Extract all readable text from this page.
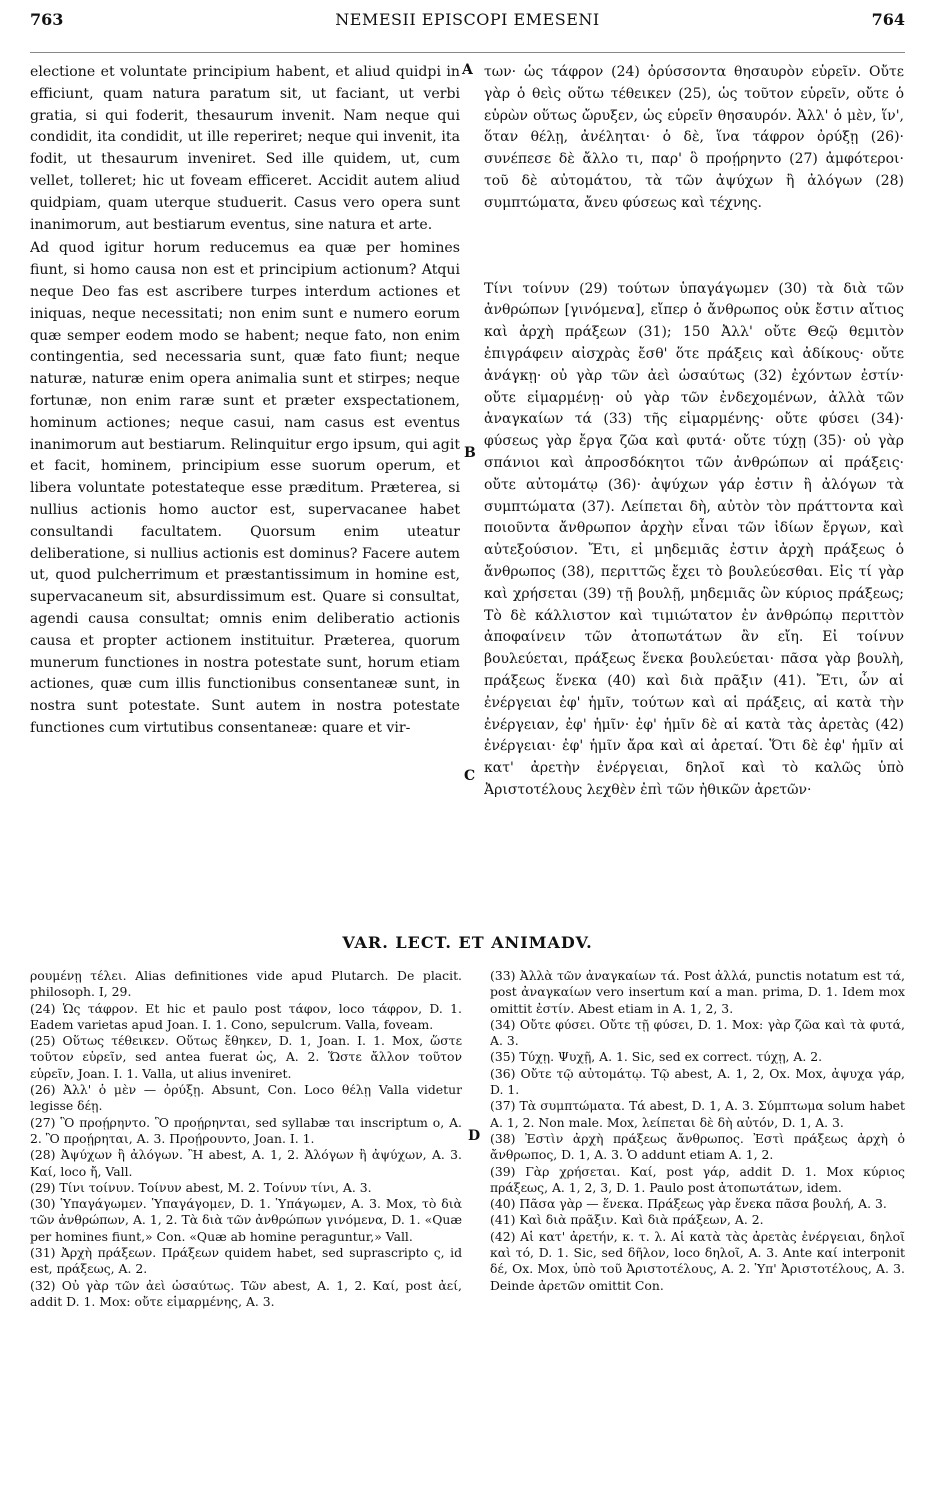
763	NEMESII EPISCOPI EMESENI	764

electione et voluntate principium habent, et aliud quidpi in efficiunt, quam natura paratum sit, ut faciant, ut verbi gratia, si qui foderit, thesaurum invenit. Nam neque qui condidit, ita condidit, ut ille reperiret; neque qui invenit, ita fodit, ut thesaurum inveniret. Sed ille quidem, ut, cum vellet, tolleret; hic ut foveam efficeret. Accidit autem aliud quidpiam, quam uterque studuerit. Casus vero opera sunt inanimorum, aut bestiarum eventus, sine natura et arte.

Ad quod igitur horum reducemus ea quæ per homines fiunt, si homo causa non est et principium actionum? Atqui neque Deo fas est ascribere turpes interdum actiones et iniquas, neque necessitati; non enim sunt e numero eorum quæ semper eodem modo se habent; neque fato, non enim contingentia, sed necessaria sunt, quæ fato fiunt; neque naturæ, naturæ enim opera animalia sunt et stirpes; neque fortunæ, non enim raræ sunt et præter exspectationem, hominum actiones; neque casui, nam casus est eventus inanimorum aut bestiarum. Relinquitur ergo ipsum, qui agit et facit, hominem, principium esse suorum operum, et libera voluntate potestateque esse præditum. Præterea, si nullius actionis homo auctor est, supervacanee habet consultandi facultatem. Quorsum enim uteatur deliberatione, si nullius actionis est dominus? Facere autem ut, quod pulcherrimum et præstantissimum in homine est, supervacaneum sit, absurdissimum est. Quare si consultat, agendi causa consultat; omnis enim deliberatio actionis causa et propter actionem instituitur. Præterea, quorum munerum functiones in nostra potestate sunt, horum etiam actiones, quæ cum illis functionibus consentaneæ sunt, in nostra sunt potestate. Sunt autem in nostra potestate functiones cum virtutibus consentaneæ: quare et vir-

A
B
C

των· ὡς τάφρον (24) ὀρύσσοντα θησαυρὸν εὑρεῖν. Οὔτε γὰρ ὁ θεὶς οὕτω τέθεικεν (25), ὡς τοῦτον εὑρεῖν, οὔτε ὁ εὑρὼν οὕτως ὤρυξεν, ὡς εὑρεῖν θησαυρόν. Ἀλλ' ὁ μὲν, ἵν', ὅταν θέλῃ, ἀνέληται· ὁ δὲ, ἵνα τάφρον ὀρύξῃ (26)· συνέπεσε δὲ ἄλλο τι, παρ' ὃ προῄρηντο (27) ἀμφότεροι· τοῦ δὲ αὐτομάτου, τὰ τῶν ἀψύχων ἢ ἀλόγων (28) συμπτώματα, ἄνευ φύσεως καὶ τέχνης.

Τίνι τοίνυν (29) τούτων ὑπαγάγωμεν (30) τὰ διὰ τῶν ἀνθρώπων [γινόμενα], εἴπερ ὁ ἄνθρωπος οὐκ ἔστιν αἴτιος καὶ ἀρχὴ πράξεων (31); 150 Ἀλλ' οὔτε Θεῷ θεμιτὸν ἐπιγράφειν αἰσχρὰς ἔσθ' ὅτε πράξεις καὶ ἀδίκους· οὔτε ἀνάγκῃ· οὐ γὰρ τῶν ἀεὶ ὡσαύτως (32) ἐχόντων ἐστίν· οὔτε εἱμαρμένῃ· οὐ γὰρ τῶν ἐνδεχομένων, ἀλλὰ τῶν ἀναγκαίων τά (33) τῆς εἱμαρμένης· οὔτε φύσει (34)· φύσεως γὰρ ἔργα ζῶα καὶ φυτά· οὔτε τύχῃ (35)· οὐ γὰρ σπάνιοι καὶ ἀπροσδόκητοι τῶν ἀνθρώπων αἱ πράξεις· οὔτε αὐτομάτῳ (36)· ἀψύχων γάρ ἐστιν ἢ ἀλόγων τὰ συμπτώματα (37). Λείπεται δὴ, αὐτὸν τὸν πράττοντα καὶ ποιοῦντα ἄνθρωπον ἀρχὴν εἶναι τῶν ἰδίων ἔργων, καὶ αὐτεξούσιον. Ἔτι, εἰ μηδεμιᾶς ἐστιν ἀρχὴ πράξεως ὁ ἄνθρωπος (38), περιττῶς ἔχει τὸ βουλεύεσθαι. Εἰς τί γὰρ καὶ χρήσεται (39) τῇ βουλῇ, μηδεμιᾶς ὢν κύριος πράξεως; Τὸ δὲ κάλλιστον καὶ τιμιώτατον ἐν ἀνθρώπῳ περιττὸν ἀποφαίνειν τῶν ἀτοπωτάτων ἂν εἴη. Εἰ τοίνυν βουλεύεται, πράξεως ἕνεκα βουλεύεται· πᾶσα γὰρ βουλὴ, πράξεως ἕνεκα (40) καὶ διὰ πρᾶξιν (41). Ἔτι, ὧν αἱ ἐνέργειαι ἐφ' ἡμῖν, τούτων καὶ αἱ πράξεις, αἱ κατὰ τὴν ἐνέργειαν, ἐφ' ἡμῖν· ἐφ' ἡμῖν δὲ αἱ κατὰ τὰς ἀρετὰς (42) ἐνέργειαι· ἐφ' ἡμῖν ἄρα καὶ αἱ ἀρεταί. Ὅτι δὲ ἐφ' ἡμῖν αἱ κατ' ἀρετὴν ἐνέργειαι, δηλοῖ καὶ τὸ καλῶς ὑπὸ Ἀριστοτέλους λεχθὲν ἐπὶ τῶν ἠθικῶν ἀρετῶν·

VAR. LECT. ET ANIMADV.
D

ρουμένῃ τέλει. Alias definitiones vide apud Plutarch. De placit. philosoph. I, 29.

(24) Ὡς τάφρον. Et hic et paulo post τάφον, loco τάφρον, D. 1. Eadem varietas apud Joan. I. 1. Cono, sepulcrum. Valla, foveam.

(25) Οὕτως τέθεικεν. Οὕτως ἔθηκεν, D. 1, Joan. I. 1. Mox, ὥστε τοῦτον εὑρεῖν, sed antea fuerat ὡς, A. 2. Ὥστε ἄλλον τοῦτον εὑρεῖν, Joan. I. 1. Valla, ut alius inveniret.

(26) Ἀλλ' ὁ μὲν — ὀρύξῃ. Absunt, Con. Loco θέλῃ Valla videtur legisse δέῃ.

(27) Ὃ προῄρηντο. Ὃ προῄρηνται, sed syllabæ ται inscriptum ο, A. 2. Ὃ προῄρηται, A. 3. Προῄρουντο, Joan. I. 1.

(28) Ἀψύχων ἢ ἀλόγων. Ἢ abest, A. 1, 2. Ἀλόγων ἢ ἀψύχων, A. 3. Καί, loco ἤ, Vall.

(29) Τίνι τοίνυν. Τοίνυν abest, M. 2. Τοίνυν τίνι, A. 3.

(30) Ὑπαγάγωμεν. Ὑπαγάγομεν, D. 1. Ὑπάγωμεν, A. 3. Mox, τὸ διὰ τῶν ἀνθρώπων, A. 1, 2. Τὰ διὰ τῶν ἀνθρώπων γινόμενα, D. 1. «Quæ per homines fiunt,» Con. «Quæ ab homine peraguntur,» Vall.

(31) Ἀρχὴ πράξεων. Πράξεων quidem habet, sed suprascripto ς, id est, πράξεως, A. 2.

(32) Οὐ γὰρ τῶν ἀεὶ ὡσαύτως. Τῶν abest, A. 1, 2. Καί, post ἀεί, addit D. 1. Mox: οὔτε εἱμαρμένης, A. 3.

(33) Ἀλλὰ τῶν ἀναγκαίων τά. Post ἀλλά, punctis notatum est τά, post ἀναγκαίων vero insertum καί a man. prima, D. 1. Idem mox omittit ἐστίν. Abest etiam in A. 1, 2, 3.

(34) Οὔτε φύσει. Οὔτε τῇ φύσει, D. 1. Mox: γὰρ ζῶα καὶ τὰ φυτά, A. 3.

(35) Τύχῃ. Ψυχῇ, A. 1. Sic, sed ex correct. τύχῃ, A. 2.

(36) Οὔτε τῷ αὐτομάτῳ. Τῷ abest, A. 1, 2, Ox. Mox, ἀψυχα γάρ, D. 1.

(37) Τὰ συμπτώματα. Τά abest, D. 1, A. 3. Σύμπτωμα solum habet A. 1, 2. Non male. Mox, λείπεται δὲ δὴ αὐτόν, D. 1, A. 3.

(38) Ἐστὶν ἀρχὴ πράξεως ἄνθρωπος. Ἐστὶ πράξεως ἀρχὴ ὁ ἄνθρωπος, D. 1, A. 3. Ὁ addunt etiam A. 1, 2.

(39) Γὰρ χρήσεται. Καί, post γάρ, addit D. 1. Mox κύριος πράξεως, A. 1, 2, 3, D. 1. Paulo post ἀτοπωτάτων, idem.

(40) Πᾶσα γὰρ — ἕνεκα. Πράξεως γὰρ ἕνεκα πᾶσα βουλή, A. 3.

(41) Καὶ διὰ πρᾶξιν. Καὶ διὰ πράξεων, A. 2.

(42) Αἱ κατ' ἀρετήν, κ. τ. λ. Αἱ κατὰ τὰς ἀρετὰς ἐνέργειαι, δηλοῖ καὶ τό, D. 1. Sic, sed δῆλον, loco δηλοῖ, A. 3. Ante καί interponit δέ, Ox. Mox, ὑπὸ τοῦ Ἀριστοτέλους, A. 2. Ὑπ' Ἀριστοτέλους, A. 3. Deinde ἀρετῶν omittit Con.
